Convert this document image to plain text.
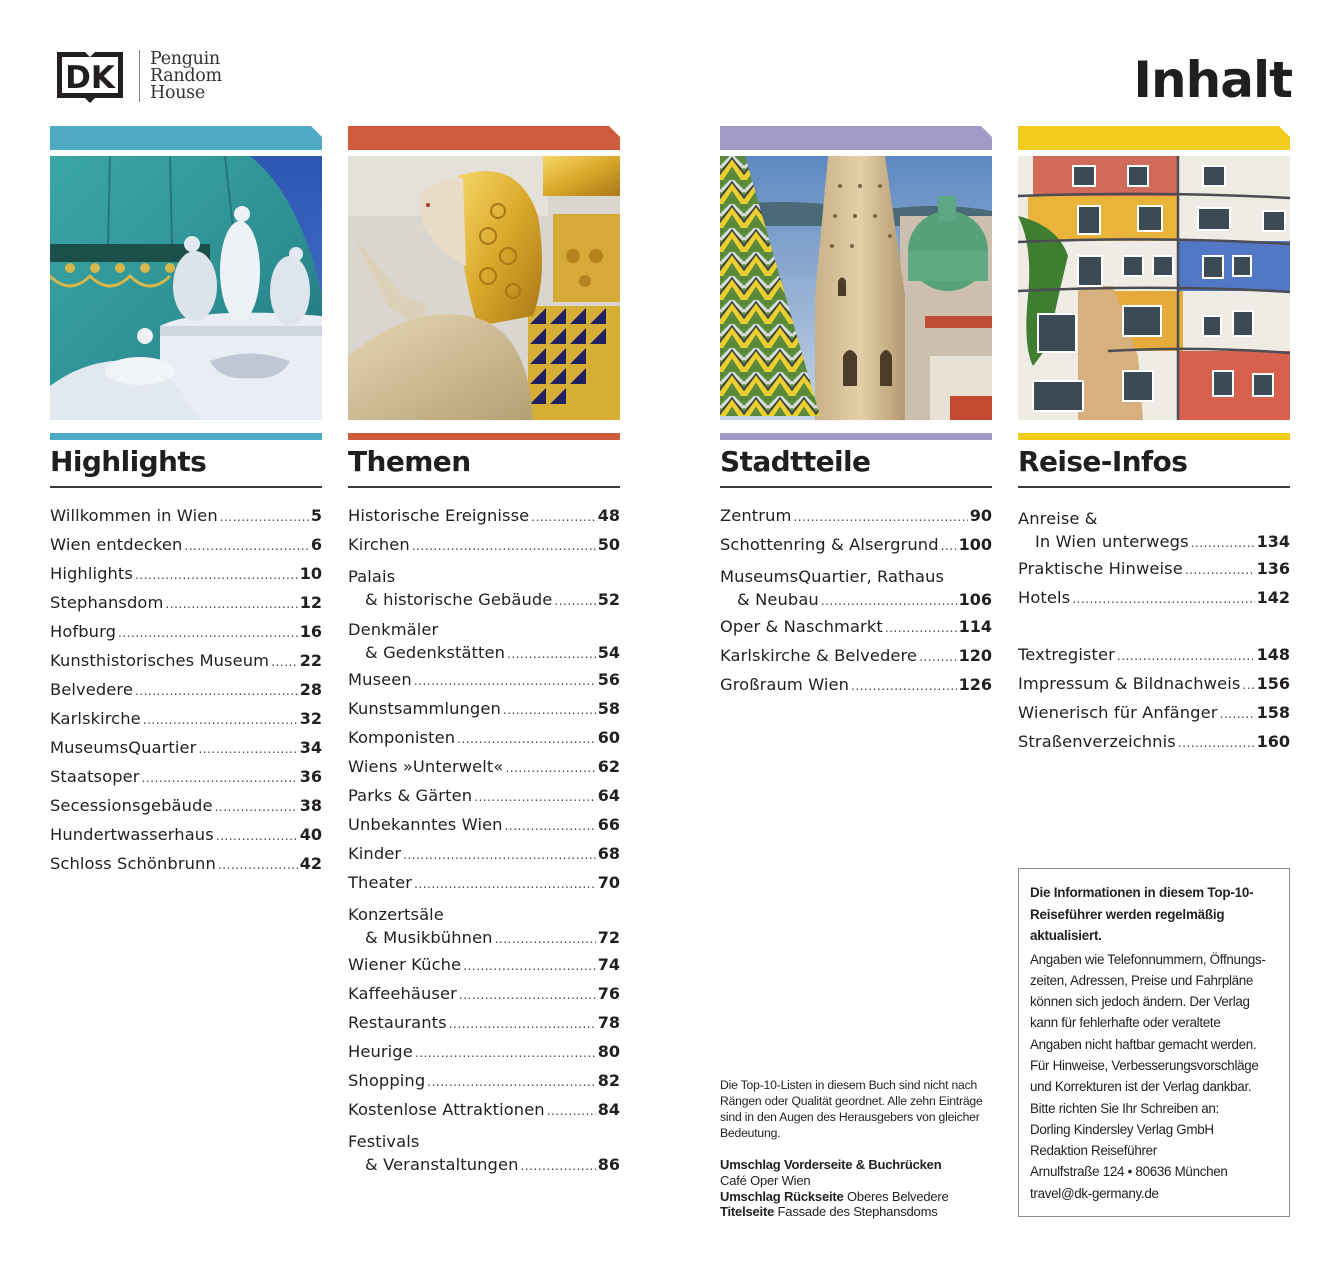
DK
Penguin
Random
House	Inhalt
Highlights
Willkommen in Wien .....	5
Wien entdecken .....	6
Highlights .....	10
Stephansdom .....	12
Hofburg .....	16
Kunsthistorisches Museum ..... 22
Belvedere .....	28
Karlskirche .....	32
MuseumsQuartier .....	34
Staatsoper .....	36
Secessionsgebäude .....	38
Hundertwasserhaus .....	40
Schloss Schönbrunn .....	42
Themen
Historische Ereignisse .....	48
Kirchen .....	50
Palais
& historische Gebäude .....	52
Denkmäler
& Gedenkstätten .....	54
Museen .....	56
Kunstsammlungen .....	58
Komponisten .....	60
Wiens »Unterwelt« .....	62
Parks & Gärten .....	64
Unbekanntes Wien .....	66
Kinder .....	68
Theater .....	70
Konzertsäle
& Musikbühnen .....	72
Wiener Küche .....	74
Kaffeehäuser .....	76
Restaurants .....	78
Heurige .....	80
Shopping .....	82
Kostenlose Attraktionen .....	84
Festivals
& Veranstaltungen .....	86
Stadtteile
Zentrum .....	90
Schottenring & Alsergrund ..... 100
MuseumsQuartier, Rathaus
& Neubau .....	106
Oper & Naschmarkt .....	114
Karlskirche & Belvedere .....	120
Großraum Wien .....	126
Reise-Infos
Anreise &
In Wien unterwegs .....	134
Praktische Hinweise .....	136
Hotels .....	142
Textregister .....	148
Impressum & Bildnachweis ..... 156
Wienerisch für Anfänger ..... 158
Straßenverzeichnis .....	160

Die Top-10-Listen in diesem Buch sind nicht nach Rängen oder Qualität geordnet. Alle zehn Einträge sind in den Augen des Herausgebers von gleicher Bedeutung.

Umschlag Vorderseite & Buchrücken
Café Oper Wien
Umschlag Rückseite Oberes Belvedere
Titelseite Fassade des Stephansdoms
Die Informationen in diesem Top-10-
Reiseführer werden regelmäßig
aktualisiert.
Angaben wie Telefonnummern, Öffnungs-
zeiten, Adressen, Preise und Fahrpläne
können sich jedoch ändern. Der Verlag
kann für fehlerhafte oder veraltete
Angaben nicht haftbar gemacht werden.
Für Hinweise, Verbesserungsvorschläge
und Korrekturen ist der Verlag dankbar.
Bitte richten Sie Ihr Schreiben an:
Dorling Kindersley Verlag GmbH
Redaktion Reiseführer
Arnulfstraße 124 • 80636 München
travel@dk-germany.de
